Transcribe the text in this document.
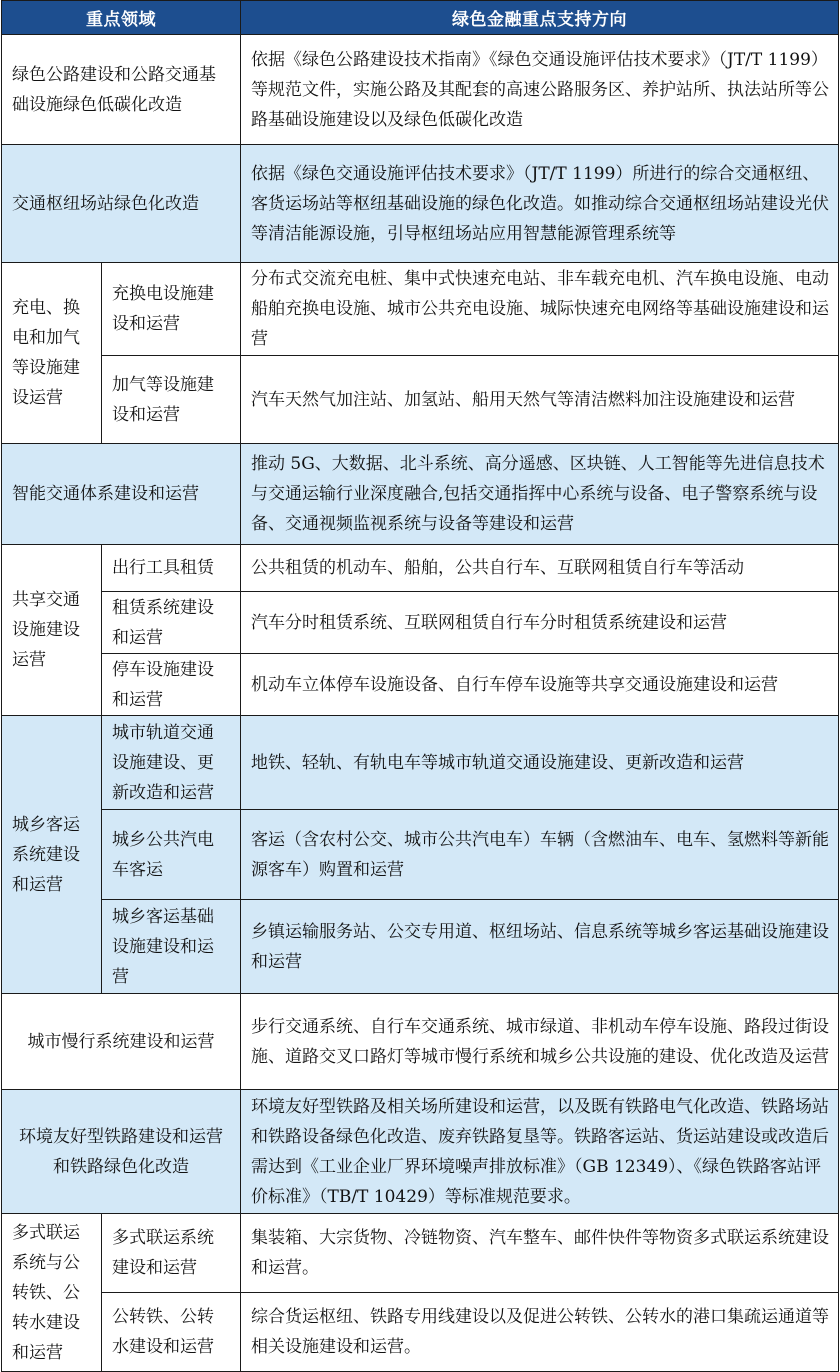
重点领域		绿色金融重点支持方向

绿色公路建设和公路交通基础设施绿色低碳化改造		依据《绿色公路建设技术指南》《绿色交通设施评估技术要求》（JT/T 1199）等规范文件，实施公路及其配套的高速公路服务区、养护站所、执法站所等公路基础设施建设以及绿色低碳化改造

交通枢纽场站绿色化改造		依据《绿色交通设施评估技术要求》（JT/T 1199）所进行的综合交通枢纽、客货运场站等枢纽基础设施的绿色化改造。如推动综合交通枢纽场站建设光伏等清洁能源设施，引导枢纽场站应用智慧能源管理系统等

充电、换电和加气等设施建设运营	充换电设施建设和运营	分布式交流充电桩、集中式快速充电站、非车载充电机、汽车换电设施、电动船舶充换电设施、城市公共充电设施、城际快速充电网络等基础设施建设和运营

	加气等设施建设和运营	汽车天然气加注站、加氢站、船用天然气等清洁燃料加注设施建设和运营

智能交通体系建设和运营		推动 5G、大数据、北斗系统、高分遥感、区块链、人工智能等先进信息技术与交通运输行业深度融合,包括交通指挥中心系统与设备、电子警察系统与设备、交通视频监视系统与设备等建设和运营

共享交通设施建设运营	出行工具租赁	公共租赁的机动车、船舶，公共自行车、互联网租赁自行车等活动

	租赁系统建设和运营	汽车分时租赁系统、互联网租赁自行车分时租赁系统建设和运营

	停车设施建设和运营	机动车立体停车设施设备、自行车停车设施等共享交通设施建设和运营

城乡客运系统建设和运营	城市轨道交通设施建设、更新改造和运营	地铁、轻轨、有轨电车等城市轨道交通设施建设、更新改造和运营

	城乡公共汽电车客运	客运（含农村公交、城市公共汽电车）车辆（含燃油车、电车、氢燃料等新能源客车）购置和运营

	城乡客运基础设施建设和运营	乡镇运输服务站、公交专用道、枢纽场站、信息系统等城乡客运基础设施建设和运营

城市慢行系统建设和运营		步行交通系统、自行车交通系统、城市绿道、非机动车停车设施、路段过街设施、道路交叉口路灯等城市慢行系统和城乡公共设施的建设、优化改造及运营

环境友好型铁路建设和运营和铁路绿色化改造		环境友好型铁路及相关场所建设和运营，以及既有铁路电气化改造、铁路场站和铁路设备绿色化改造、废弃铁路复垦等。铁路客运站、货运站建设或改造后需达到《工业企业厂界环境噪声排放标准》（GB 12349）、《绿色铁路客站评价标准》（TB/T 10429）等标准规范要求。

多式联运系统与公转铁、公转水建设和运营	多式联运系统建设和运营	集装箱、大宗货物、冷链物资、汽车整车、邮件快件等物资多式联运系统建设和运营。

	公转铁、公转水建设和运营	综合货运枢纽、铁路专用线建设以及促进公转铁、公转水的港口集疏运通道等相关设施建设和运营。
